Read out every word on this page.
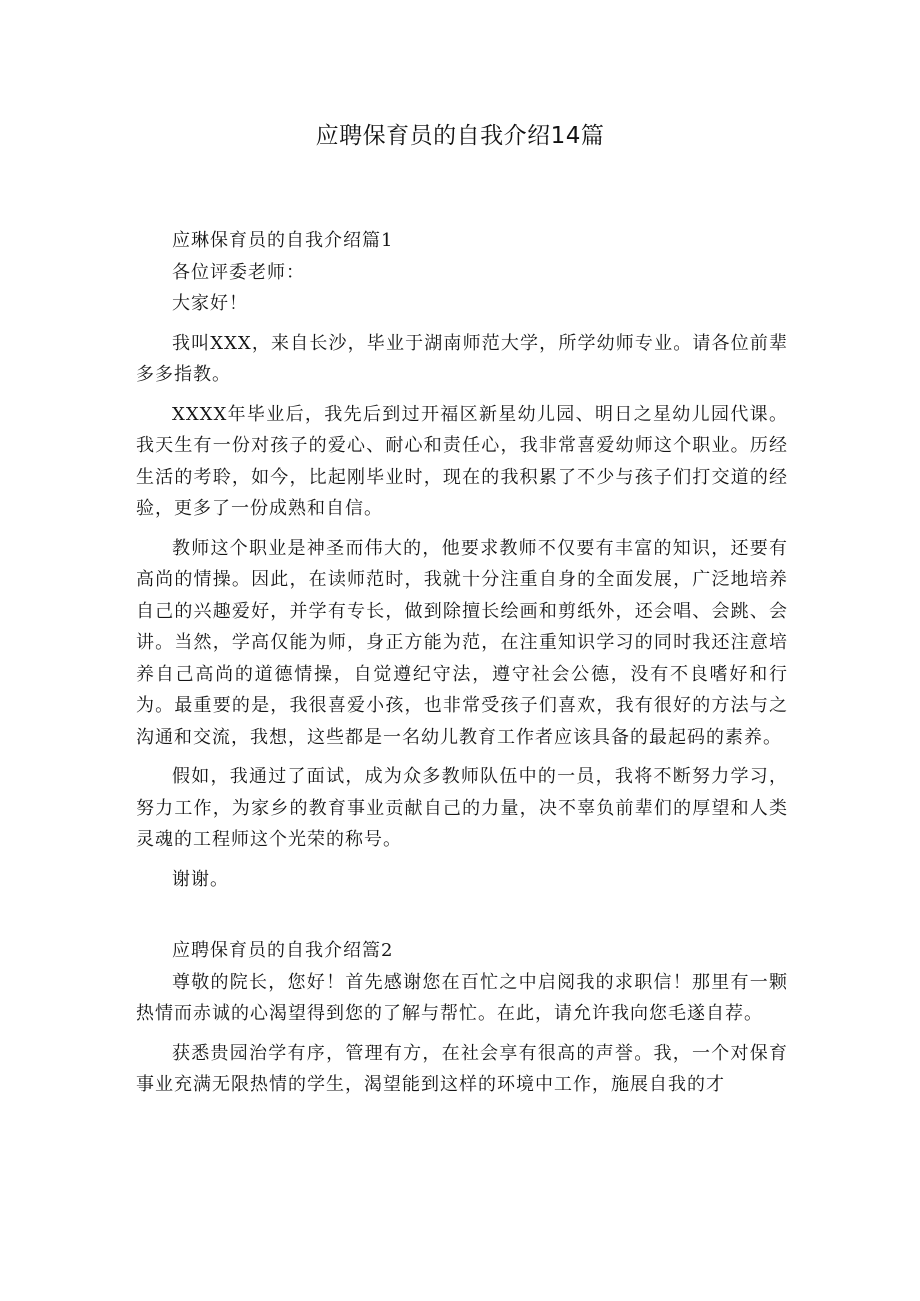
应聘保育员的自我介绍14篇
应琳保育员的自我介绍篇1
各位评委老师：
大家好！
我叫XXX，来自长沙，毕业于湖南师范大学，所学幼师专业。请各位前辈多多指教。
XXXX年毕业后，我先后到过开福区新星幼儿园、明日之星幼儿园代课。我天生有一份对孩子的爱心、耐心和责任心，我非常喜爱幼师这个职业。历经生活的考聆，如今，比起刚毕业时，现在的我积累了不少与孩子们打交道的经验，更多了一份成熟和自信。
教师这个职业是神圣而伟大的，他要求教师不仅要有丰富的知识，还要有高尚的情操。因此，在读师范时，我就十分注重自身的全面发展，广泛地培养自己的兴趣爱好，并学有专长，做到除擅长绘画和剪纸外，还会唱、会跳、会讲。当然，学高仅能为师，身正方能为范，在注重知识学习的同时我还注意培养自己高尚的道德情操，自觉遵纪守法，遵守社会公德，没有不良嗜好和行为。最重要的是，我很喜爱小孩，也非常受孩子们喜欢，我有很好的方法与之沟通和交流，我想，这些都是一名幼儿教育工作者应该具备的最起码的素养。
假如，我通过了面试，成为众多教师队伍中的一员，我将不断努力学习，努力工作，为家乡的教育事业贡献自己的力量，决不辜负前辈们的厚望和人类灵魂的工程师这个光荣的称号。
谢谢。
应聘保育员的自我介绍篙2
尊敬的院长，您好！首先感谢您在百忙之中启阅我的求职信！那里有一颗热情而赤诚的心渴望得到您的了解与帮忙。在此，请允许我向您毛遂自荐。
获悉贵园治学有序，管理有方，在社会享有很高的声誉。我，一个对保育事业充满无限热情的学生，渴望能到这样的环境中工作，施展自我的才
